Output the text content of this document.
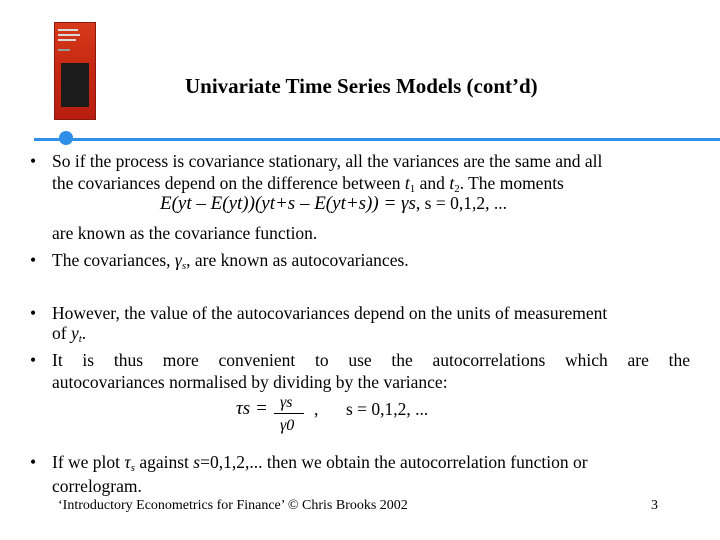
Univariate Time Series Models (cont’d)
• So if the process is covariance stationary, all the variances are the same and all
the covariances depend on the difference between $t_1$ and $t_2$. The moments
E(yt – E(yt))(yt+s – E(yt+s)) = γs, s = 0,1,2, ...
are known as the covariance function.
• The covariances, $\gamma_s$, are known as autocovariances.
• However, the value of the autocovariances depend on the units of measurement
of $y_t$.
• It is thus more convenient to use the autocorrelations which are the
autocovariances normalised by dividing by the variance:
τs = γs
γ0
, s = 0,1,2, ...
• If we plot $\tau_s$ against s=0,1,2,... then we obtain the autocorrelation function or
correlogram.
‘Introductory Econometrics for Finance’ © Chris Brooks 2002	3
